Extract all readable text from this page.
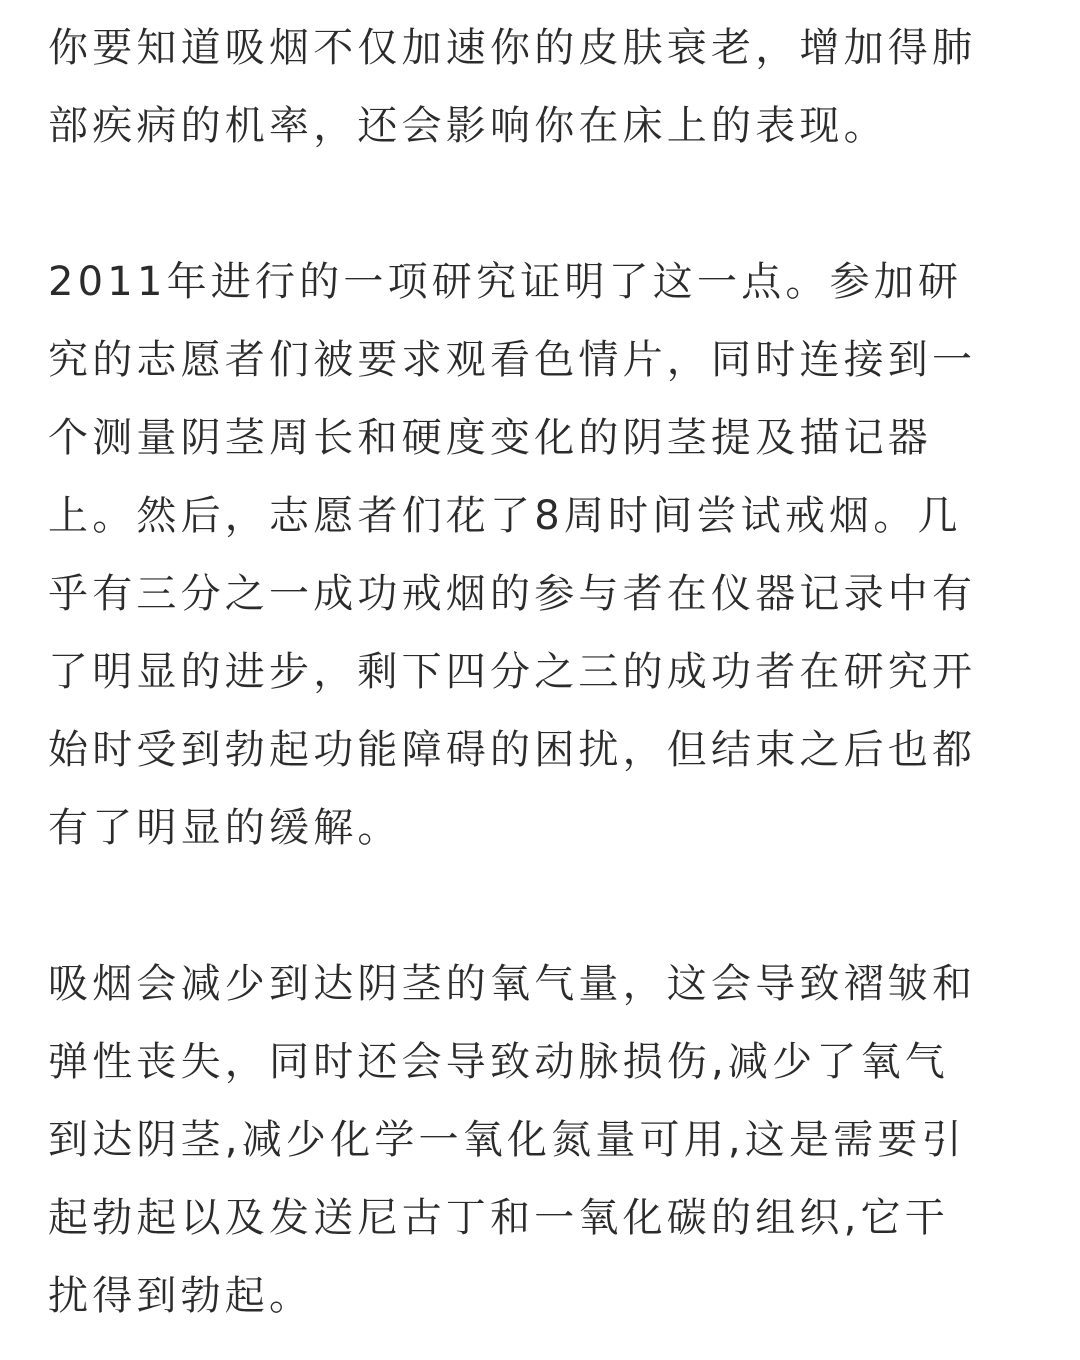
你要知道吸烟不仅加速你的皮肤衰老，增加得肺
部疾病的机率，还会影响你在床上的表现。
2011年进行的一项研究证明了这一点。参加研
究的志愿者们被要求观看色情片，同时连接到一
个测量阴茎周长和硬度变化的阴茎提及描记器
上。然后，志愿者们花了8周时间尝试戒烟。几
乎有三分之一成功戒烟的参与者在仪器记录中有
了明显的进步，剩下四分之三的成功者在研究开
始时受到勃起功能障碍的困扰，但结束之后也都
有了明显的缓解。
吸烟会减少到达阴茎的氧气量，这会导致褶皱和
弹性丧失，同时还会导致动脉损伤,减少了氧气
到达阴茎,减少化学一氧化氮量可用,这是需要引
起勃起以及发送尼古丁和一氧化碳的组织,它干
扰得到勃起。
